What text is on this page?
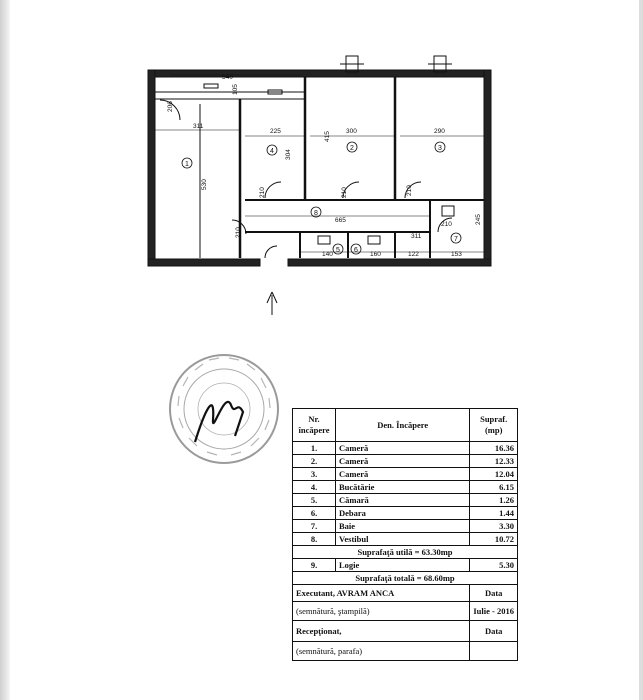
540
105
206
311
225	300	290
415
530
304
665
210
311
210
140	160	122	153
245
210
210	210
1
4	2	3
8
5 6
7
Nr.
încăpere	Den. Încăpere	Supraf.
(mp)
1.	Cameră	16.36
2.	Cameră	12.33
3.	Cameră	12.04
4.	Bucătărie	6.15
5.	Cămară	1.26
6.	Debara	1.44
7.	Baie	3.30
8.	Vestibul	10.72
Suprafaţă utilă = 63.30mp		
9.	Logie	5.30
Suprafaţă totală = 68.60mp		
Executant, AVRAM ANCA		Data
(semnătură, ştampilă)		Iulie - 2016
Recepţionat,		Data
(semnătură, parafa)		
